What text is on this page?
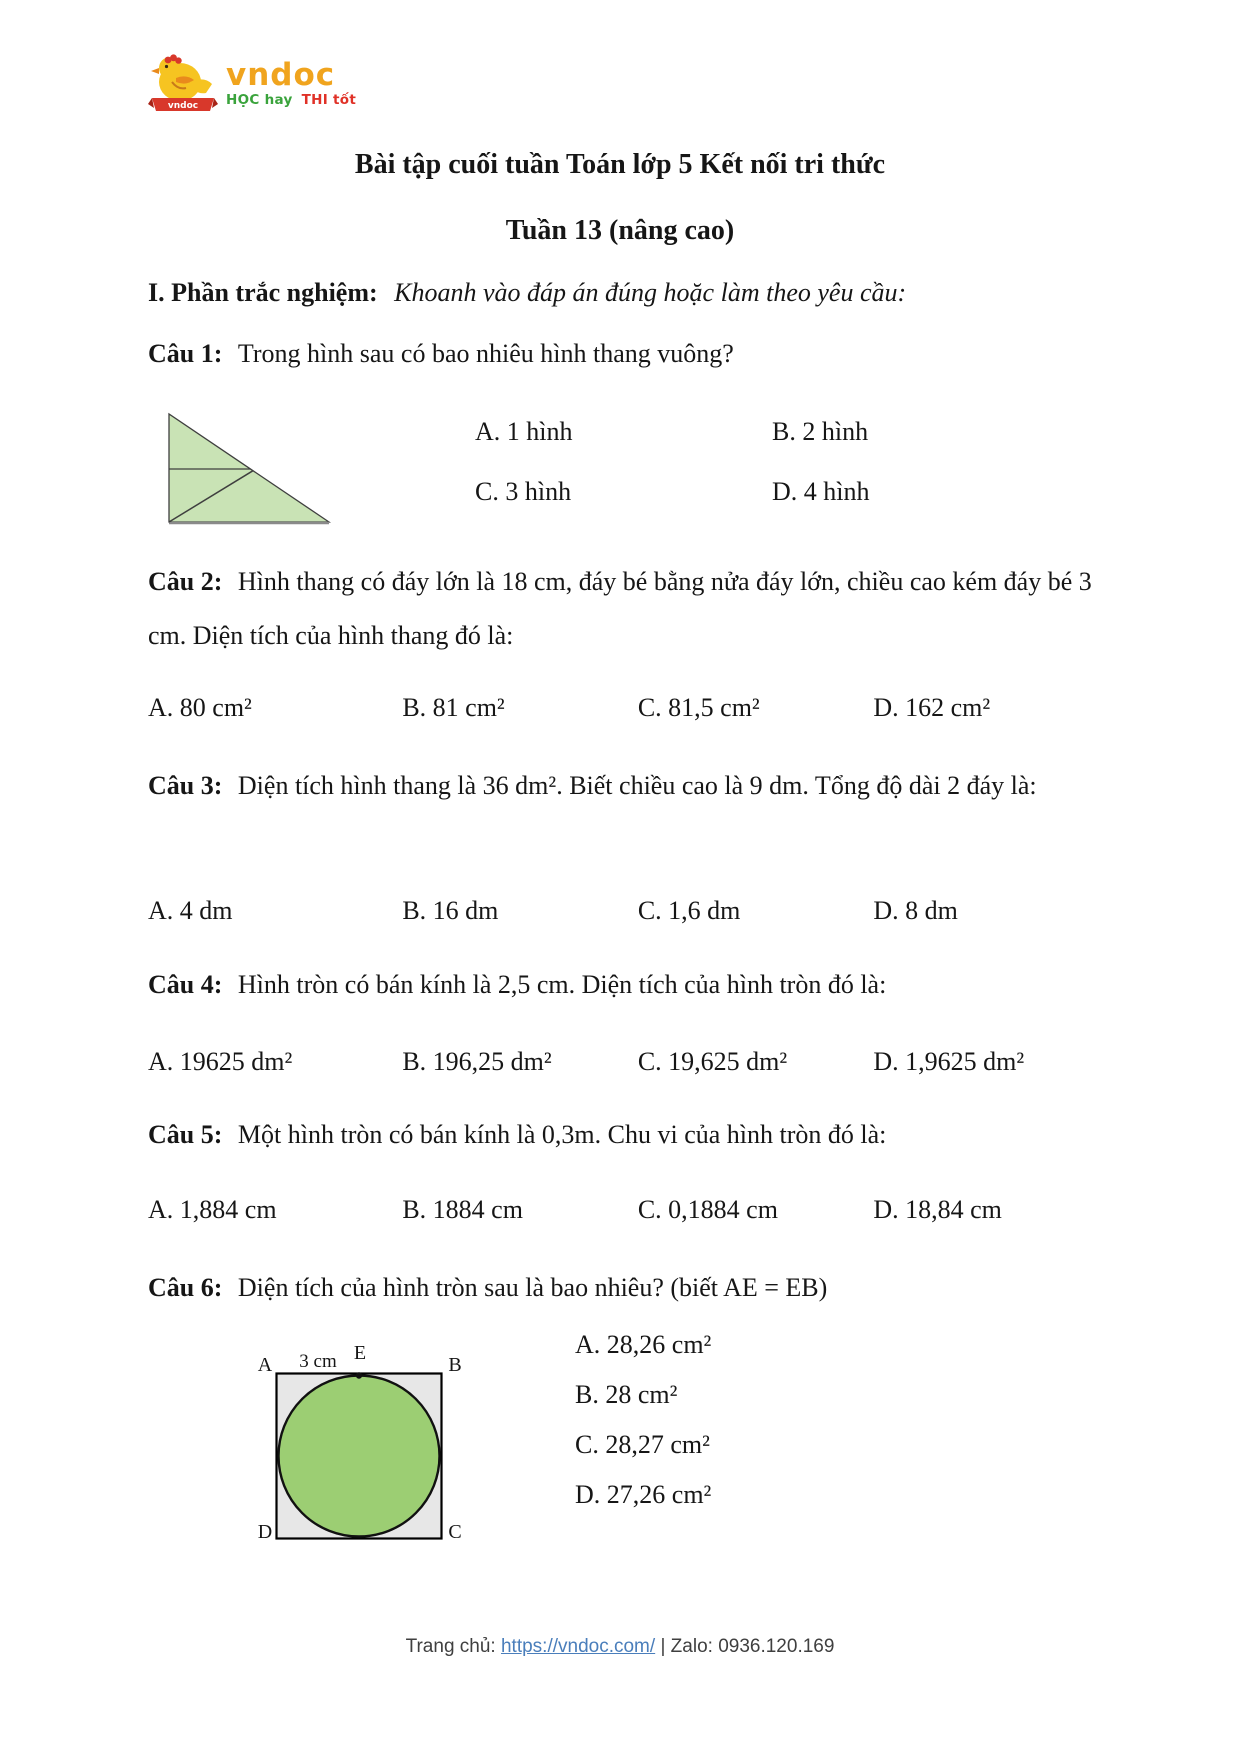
vndoc
vndoc
HỌC hay THI tốt
Bài tập cuối tuần Toán lớp 5 Kết nối tri thức
Tuần 13 (nâng cao)
I. Phần trắc nghiệm: Khoanh vào đáp án đúng hoặc làm theo yêu cầu:
Câu 1: Trong hình sau có bao nhiêu hình thang vuông?
A. 1 hình	B. 2 hình
C. 3 hình	D. 4 hình
Câu 2: Hình thang có đáy lớn là 18 cm, đáy bé bằng nửa đáy lớn, chiều cao kém đáy bé 3 cm. Diện tích của hình thang đó là:
A. 80 cm²	B. 81 cm²	C. 81,5 cm²	D. 162 cm²
Câu 3: Diện tích hình thang là 36 dm². Biết chiều cao là 9 dm. Tổng độ dài 2 đáy là:
A. 4 dm	B. 16 dm	C. 1,6 dm	D. 8 dm
Câu 4: Hình tròn có bán kính là 2,5 cm. Diện tích của hình tròn đó là:
A. 19625 dm²	B. 196,25 dm²	C. 19,625 dm²	D. 1,9625 dm²
Câu 5: Một hình tròn có bán kính là 0,3m. Chu vi của hình tròn đó là:
A. 1,884 cm	B. 1884 cm	C. 0,1884 cm	D. 18,84 cm
Câu 6: Diện tích của hình tròn sau là bao nhiêu? (biết AE = EB)
A	3 cm E
B
D	C
A. 28,26 cm²
B. 28 cm²
C. 28,27 cm²
D. 27,26 cm²
Trang chủ: https://vndoc.com/ | Zalo: 0936.120.169
